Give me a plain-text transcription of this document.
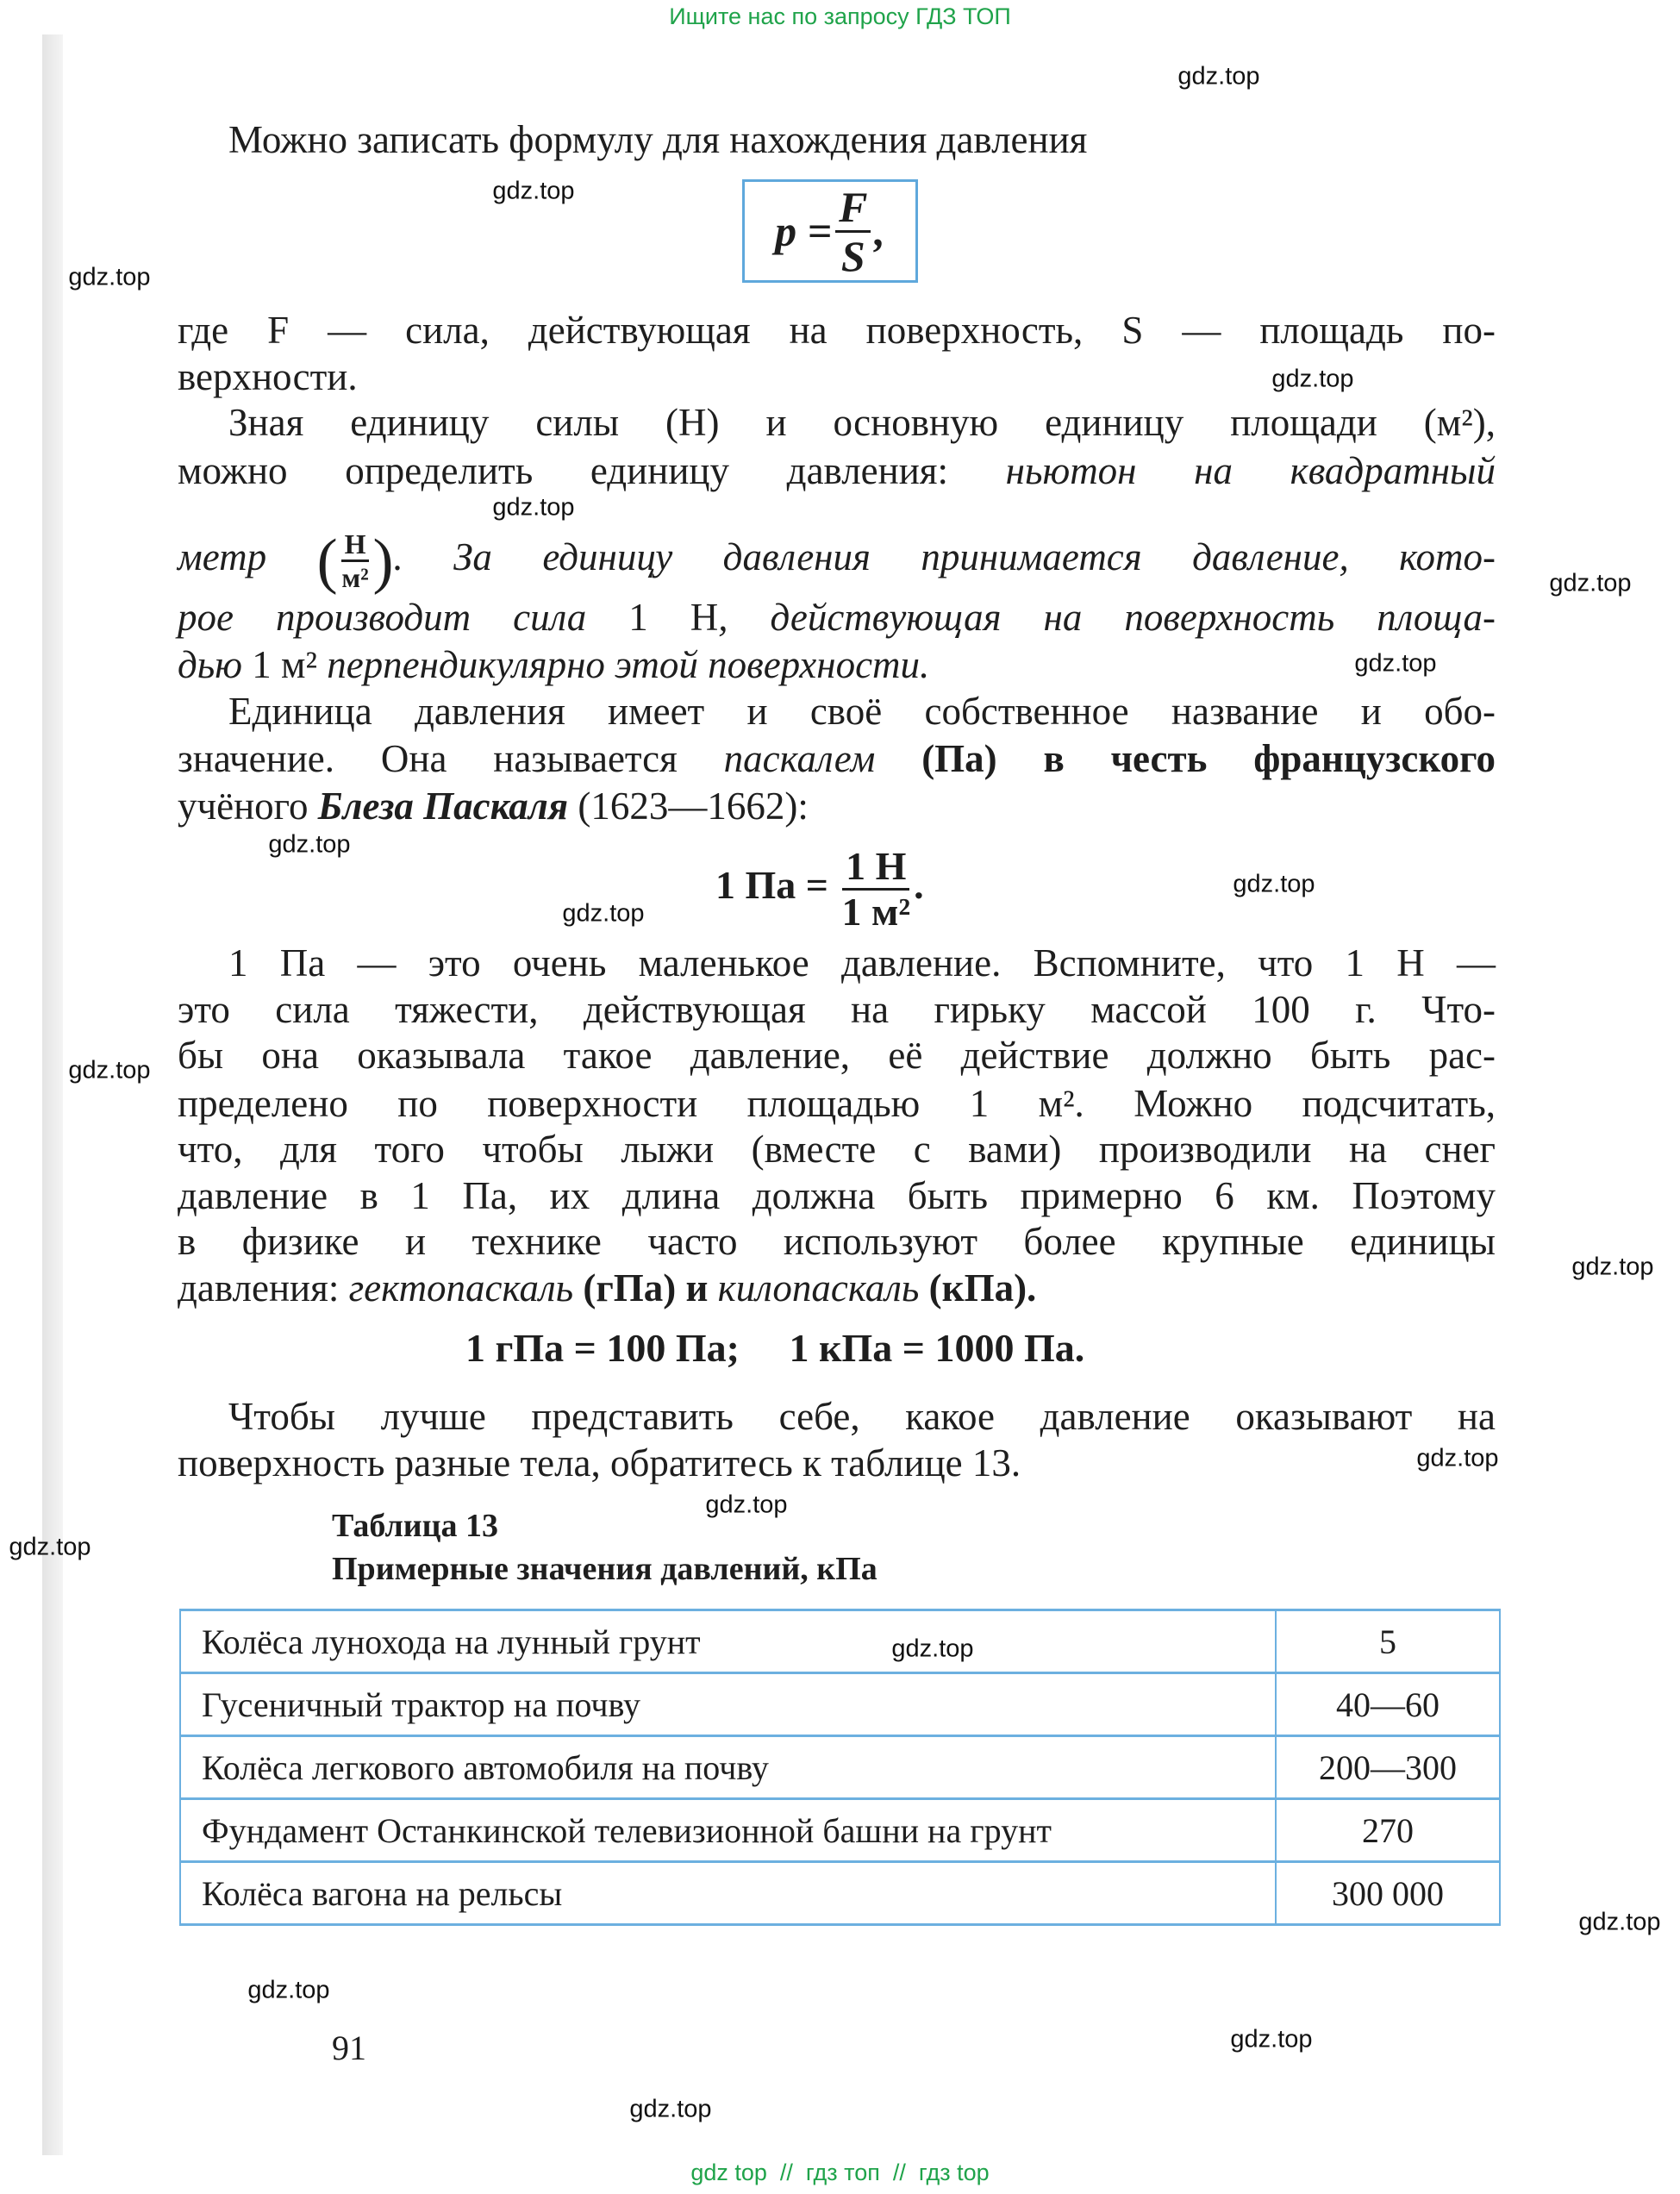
Ищите нас по запросу ГДЗ ТОП
Можно записать формулу для нахождения давления
$p = \frac{F}{S}$ ,
где F — сила, действующая на поверхность, S — площадь по-
верхности.
Зная единицу силы (Н) и основную единицу площади (м²),
можно определить единицу давления: ньютон на квадратный
метр ( $\frac{Н}{\text{м²}}$ ). За единицу давления принимается давление, кото-
рое производит сила 1 Н, действующая на поверхность площа-
дью 1 м² перпендикулярно этой поверхности.
Единица давления имеет и своё собственное название и обо-
значение. Она называется паскалем (Па) в честь французского
учёного Блеза Паскаля (1623—1662):
1 Па = $\frac{1 Н}{\text{1 м²}}$ .
1 Па — это очень маленькое давление. Вспомните, что 1 Н —
это сила тяжести, действующая на гирьку массой 100 г. Что-
бы она оказывала такое давление, её действие должно быть рас-
пределено по поверхности площадью 1 м². Можно подсчитать,
что, для того чтобы лыжи (вместе с вами) производили на снег
давление в 1 Па, их длина должна быть примерно 6 км. Поэтому
в физике и технике часто используют более крупные единицы
давления: гектопаскаль (гПа) и килопаскаль (кПа).
1 гПа = 100 Па;     1 кПа = 1000 Па.
Чтобы лучше представить себе, какое давление оказывают на
поверхность разные тела, обратитесь к таблице 13.
Таблица 13
Примерные значения давлений, кПа
Колёса лунохода на лунный грунт	5
Гусеничный трактор на почву	40—60
Колёса легкового автомобиля на почву	200—300
Фундамент Останкинской телевизионной башни на грунт	270
Колёса вагона на рельсы	300 000
91
gdz.top
gdz.top
gdz.top
gdz.top
gdz.top
gdz.top
gdz.top
gdz.top
gdz.top
gdz.top
gdz.top
gdz.top
gdz.top
gdz.top
gdz.top
gdz.top
gdz.top
gdz.top
gdz.top
gdz.top
gdz top  //  гдз топ  //  гдз top
